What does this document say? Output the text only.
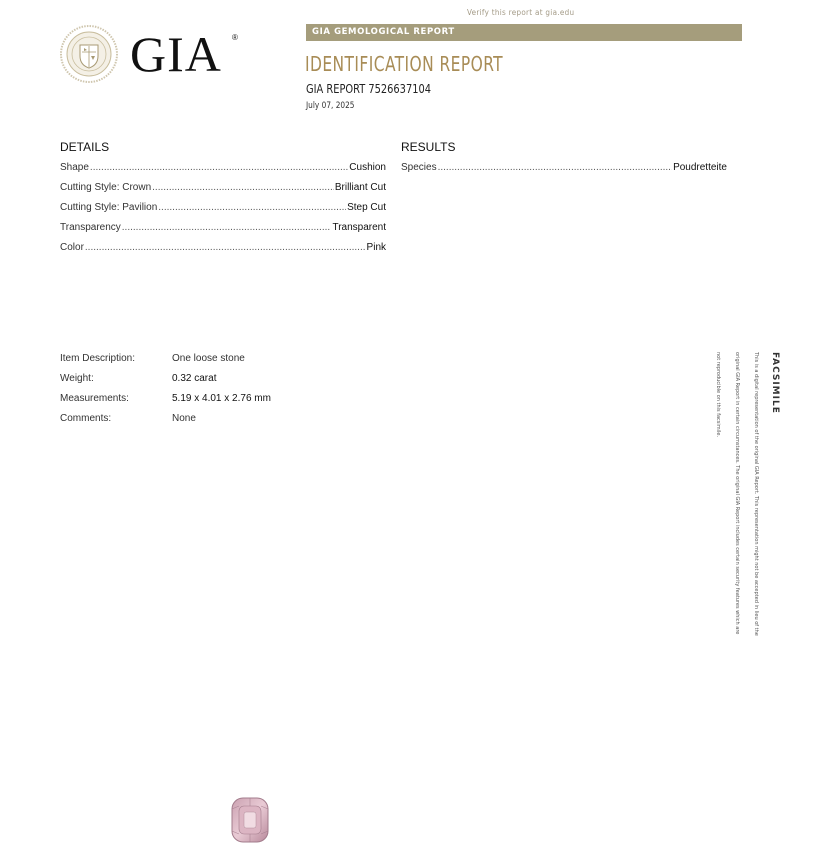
Verify this report at gia.edu
GIA ®
GIA GEMOLOGICAL REPORT
IDENTIFICATION REPORT
GIA REPORT 7526637104
July 07, 2025
DETAILS
Shape .....	Cushion
Cutting Style: Crown .....	Brilliant Cut
Cutting Style: Pavilion .....	Step Cut
Transparency .....	Transparent
Color .....	Pink
RESULTS
Species .....	Poudretteite
Item Description:	One loose stone
Weight:	0.32 carat
Measurements:	5.19 x 4.01 x 2.76 mm
Comments:	None
FACSIMILE
This is a digital representation of the original GIA Report. This representation might not be accepted in lieu of the original GIA Report in certain circumstances. The original GIA Report includes certain security features which are not reproducible on this facsimile.
